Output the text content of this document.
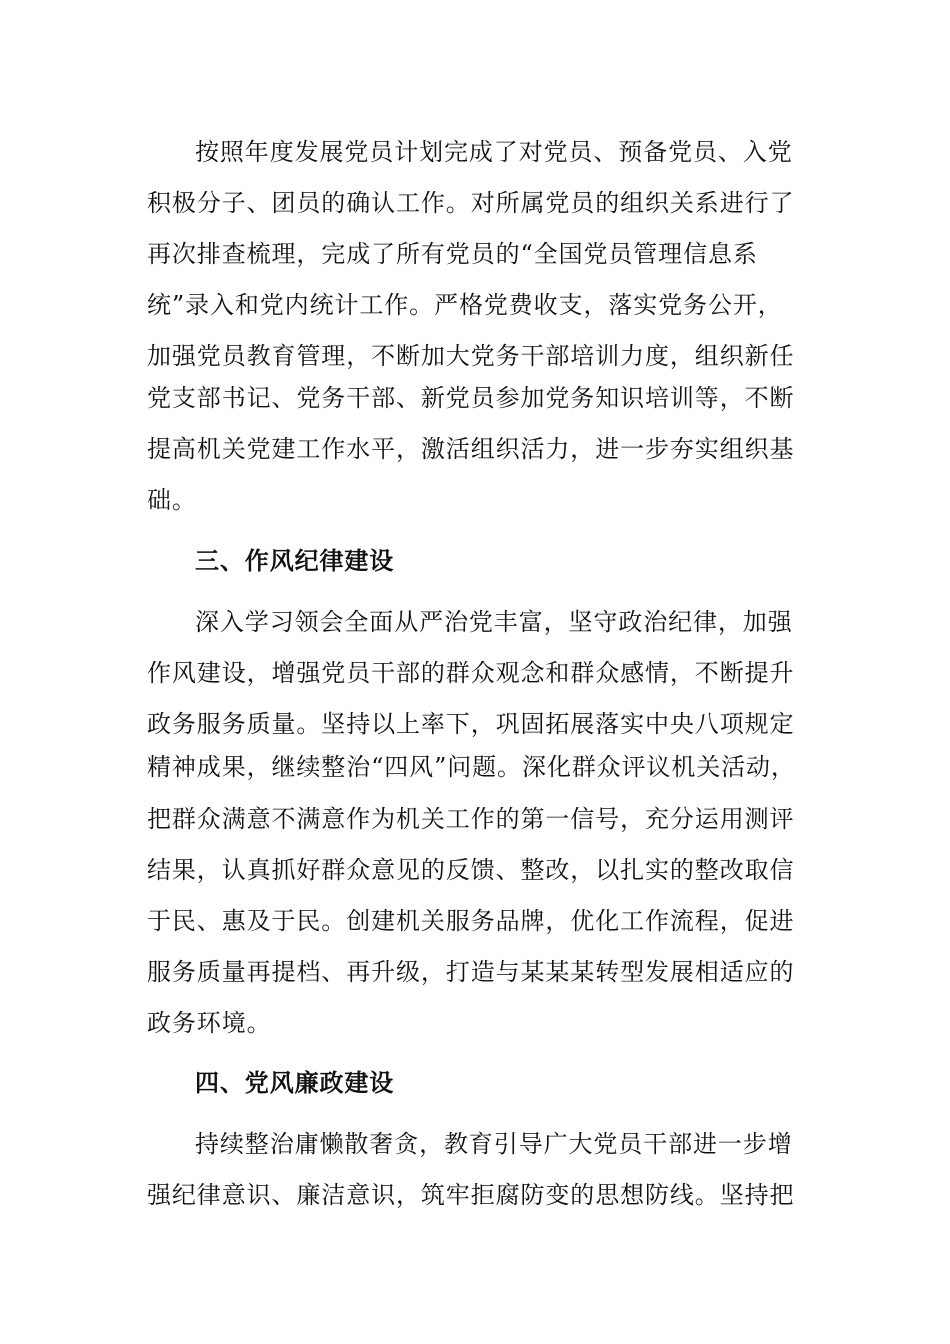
按照年度发展党员计划完成了对党员、预备党员、入党
积极分子、团员的确认工作。对所属党员的组织关系进行了
再次排查梳理，完成了所有党员的“全国党员管理信息系
统”录入和党内统计工作。严格党费收支，落实党务公开，
加强党员教育管理，不断加大党务干部培训力度，组织新任
党支部书记、党务干部、新党员参加党务知识培训等，不断
提高机关党建工作水平，激活组织活力，进一步夯实组织基
础。
三、作风纪律建设
深入学习领会全面从严治党丰富，坚守政治纪律，加强
作风建设，增强党员干部的群众观念和群众感情，不断提升
政务服务质量。坚持以上率下，巩固拓展落实中央八项规定
精神成果，继续整治“四风”问题。深化群众评议机关活动，
把群众满意不满意作为机关工作的第一信号，充分运用测评
结果，认真抓好群众意见的反馈、整改，以扎实的整改取信
于民、惠及于民。创建机关服务品牌，优化工作流程，促进
服务质量再提档、再升级，打造与某某某转型发展相适应的
政务环境。
四、党风廉政建设
持续整治庸懒散奢贪，教育引导广大党员干部进一步增
强纪律意识、廉洁意识，筑牢拒腐防变的思想防线。坚持把
